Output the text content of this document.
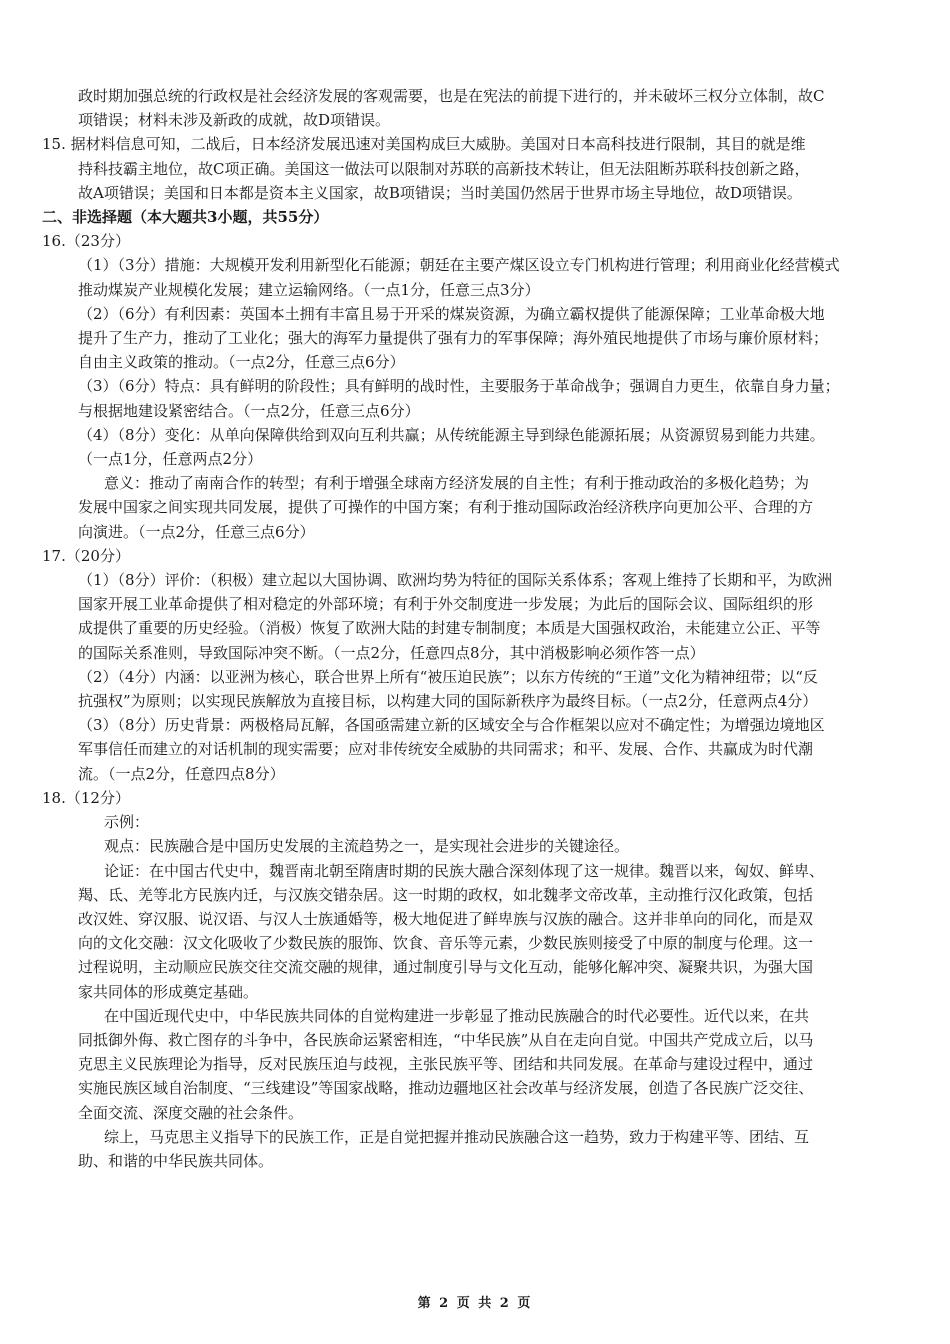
政时期加强总统的行政权是社会经济发展的客观需要，也是在宪法的前提下进行的，并未破坏三权分立体制，故C
项错误；材料未涉及新政的成就，故D项错误。
15. 据材料信息可知，二战后，日本经济发展迅速对美国构成巨大威胁。美国对日本高科技进行限制，其目的就是维
持科技霸主地位，故C项正确。美国这一做法可以限制对苏联的高新技术转让，但无法阻断苏联科技创新之路，
故A项错误；美国和日本都是资本主义国家，故B项错误；当时美国仍然居于世界市场主导地位，故D项错误。
二、非选择题（本大题共3小题，共55分）
16.（23分）
（1）（3分）措施：大规模开发利用新型化石能源；朝廷在主要产煤区设立专门机构进行管理；利用商业化经营模式
推动煤炭产业规模化发展；建立运输网络。（一点1分，任意三点3分）
（2）（6分）有利因素：英国本土拥有丰富且易于开采的煤炭资源，为确立霸权提供了能源保障；工业革命极大地
提升了生产力，推动了工业化；强大的海军力量提供了强有力的军事保障；海外殖民地提供了市场与廉价原材料；
自由主义政策的推动。（一点2分，任意三点6分）
（3）（6分）特点：具有鲜明的阶段性；具有鲜明的战时性，主要服务于革命战争；强调自力更生，依靠自身力量；
与根据地建设紧密结合。（一点2分，任意三点6分）
（4）（8分）变化：从单向保障供给到双向互利共赢；从传统能源主导到绿色能源拓展；从资源贸易到能力共建。
（一点1分，任意两点2分）
意义：推动了南南合作的转型；有利于增强全球南方经济发展的自主性；有利于推动政治的多极化趋势；为
发展中国家之间实现共同发展，提供了可操作的中国方案；有利于推动国际政治经济秩序向更加公平、合理的方
向演进。（一点2分，任意三点6分）
17.（20分）
（1）（8分）评价：（积极）建立起以大国协调、欧洲均势为特征的国际关系体系；客观上维持了长期和平，为欧洲
国家开展工业革命提供了相对稳定的外部环境；有利于外交制度进一步发展；为此后的国际会议、国际组织的形
成提供了重要的历史经验。（消极）恢复了欧洲大陆的封建专制制度；本质是大国强权政治，未能建立公正、平等
的国际关系准则，导致国际冲突不断。（一点2分，任意四点8分，其中消极影响必须作答一点）
（2）（4分）内涵：以亚洲为核心，联合世界上所有“被压迫民族”；以东方传统的“王道”文化为精神纽带；以“反
抗强权”为原则；以实现民族解放为直接目标，以构建大同的国际新秩序为最终目标。（一点2分，任意两点4分）
（3）（8分）历史背景：两极格局瓦解，各国亟需建立新的区域安全与合作框架以应对不确定性；为增强边境地区
军事信任而建立的对话机制的现实需要；应对非传统安全威胁的共同需求；和平、发展、合作、共赢成为时代潮
流。（一点2分，任意四点8分）
18.（12分）
示例：
观点：民族融合是中国历史发展的主流趋势之一，是实现社会进步的关键途径。
论证：在中国古代史中，魏晋南北朝至隋唐时期的民族大融合深刻体现了这一规律。魏晋以来，匈奴、鲜卑、
羯、氐、羌等北方民族内迁，与汉族交错杂居。这一时期的政权，如北魏孝文帝改革，主动推行汉化政策，包括
改汉姓、穿汉服、说汉语、与汉人士族通婚等，极大地促进了鲜卑族与汉族的融合。这并非单向的同化，而是双
向的文化交融：汉文化吸收了少数民族的服饰、饮食、音乐等元素，少数民族则接受了中原的制度与伦理。这一
过程说明，主动顺应民族交往交流交融的规律，通过制度引导与文化互动，能够化解冲突、凝聚共识，为强大国
家共同体的形成奠定基础。
在中国近现代史中，中华民族共同体的自觉构建进一步彰显了推动民族融合的时代必要性。近代以来，在共
同抵御外侮、救亡图存的斗争中，各民族命运紧密相连，“中华民族”从自在走向自觉。中国共产党成立后，以马
克思主义民族理论为指导，反对民族压迫与歧视，主张民族平等、团结和共同发展。在革命与建设过程中，通过
实施民族区域自治制度、“三线建设”等国家战略，推动边疆地区社会改革与经济发展，创造了各民族广泛交往、
全面交流、深度交融的社会条件。
综上，马克思主义指导下的民族工作，正是自觉把握并推动民族融合这一趋势，致力于构建平等、团结、互
助、和谐的中华民族共同体。
第 2 页 共 2 页
